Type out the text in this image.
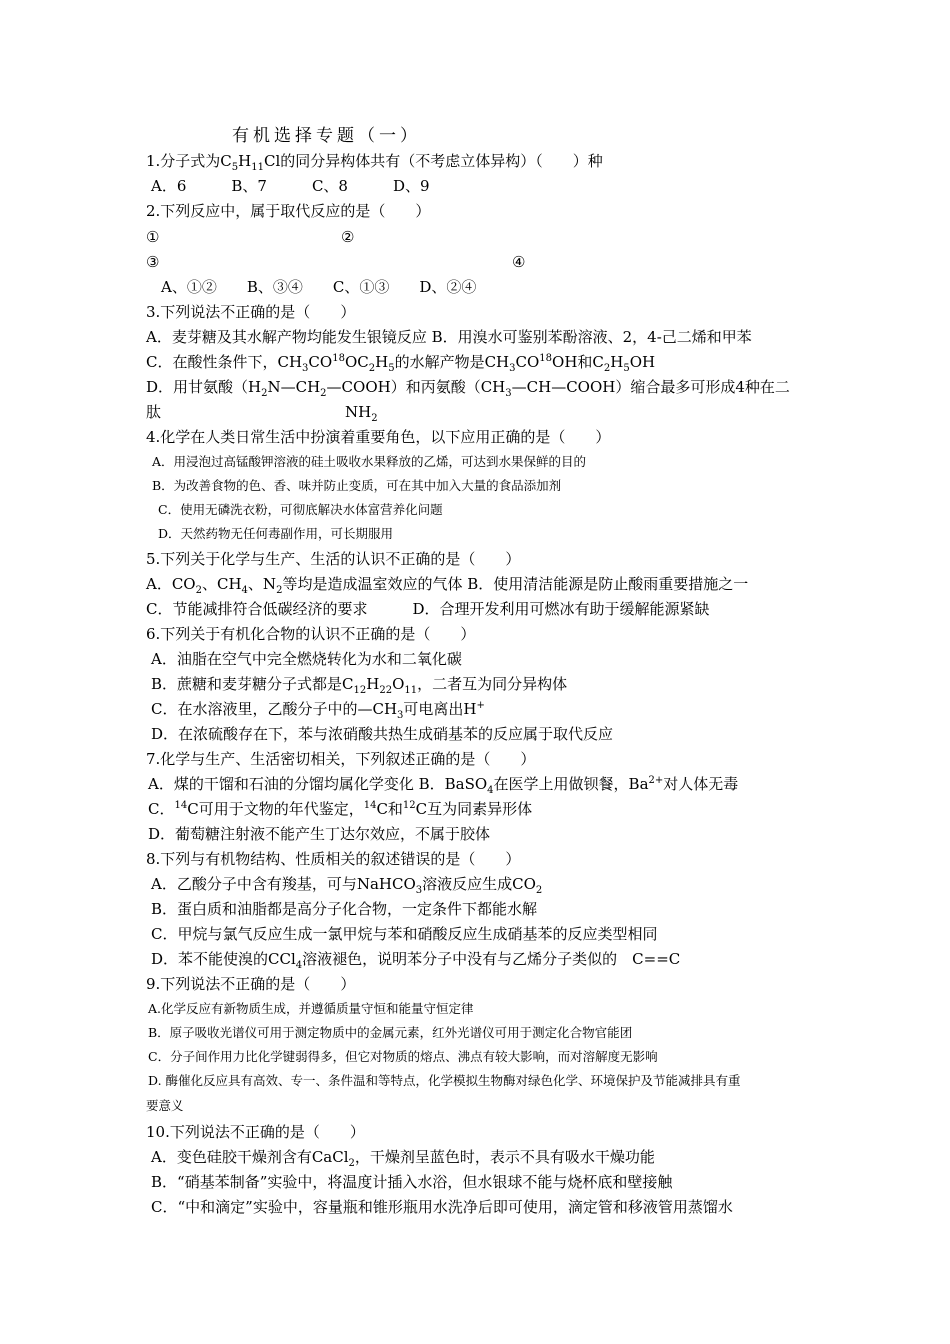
有机选择专题（一）
1.分子式为$C_5H_{11}Cl$的同分异构体共有（不考虑立体异构）（　　）种
A．6　　　B、7　　　C、8　　　D、9
2.下列反应中，属于取代反应的是（　　）
①	②
③	④
A、①②　　B、③④　　C、①③　　D、②④
3.下列说法不正确的是（　　）
A．麦芽糖及其水解产物均能发生银镜反应 B．用溴水可鉴别苯酚溶液、2，4-己二烯和甲苯
C．在酸性条件下，$CH_3CO^{18}OC_2H_5$的水解产物是$CH_3CO^{18}OH$和$C_2H_5OH$
D．用甘氨酸$(H_2N—CH_2—COOH)$和丙氨酸$(CH_3—CH—COOH)$缩合最多可形成4种在二
肽	$NH_2$
4.化学在人类日常生活中扮演着重要角色，以下应用正确的是（　　）
A．用浸泡过高锰酸钾溶液的硅土吸收水果释放的乙烯，可达到水果保鲜的目的
B．为改善食物的色、香、味并防止变质，可在其中加入大量的食品添加剂
C．使用无磷洗衣粉，可彻底解决水体富营养化问题
D．天然药物无任何毒副作用，可长期服用
5.下列关于化学与生产、生活的认识不正确的是（　　）
A．$CO_2$、$CH_4$、$N_2$等均是造成温室效应的气体 B．使用清洁能源是防止酸雨重要措施之一
C．节能减排符合低碳经济的要求　　　D．合理开发利用可燃冰有助于缓解能源紧缺
6.下列关于有机化合物的认识不正确的是（　　）
A．油脂在空气中完全燃烧转化为水和二氧化碳
B．蔗糖和麦芽糖分子式都是$C_{12}H_{22}O_{11}$，二者互为同分异构体
C．在水溶液里，乙酸分子中的$—CH_3$可电离出H+
D．在浓硫酸存在下，苯与浓硝酸共热生成硝基苯的反应属于取代反应
7.化学与生产、生活密切相关，下列叙述正确的是（　　）
A．煤的干馏和石油的分馏均属化学变化 B．BaSO$_4$在医学上用做钡餐，$Ba^{2+}$对人体无毒
C．$^{14}$C可用于文物的年代鉴定，$^{14}$C和$^{12}$C互为同素异形体
D．葡萄糖注射液不能产生丁达尔效应，不属于胶体
8.下列与有机物结构、性质相关的叙述错误的是（　　）
A．乙酸分子中含有羧基，可与NaHCO$_3$溶液反应生成$CO_2$
B．蛋白质和油脂都是高分子化合物，一定条件下都能水解
C．甲烷与氯气反应生成一氯甲烷与苯和硝酸反应生成硝基苯的反应类型相同
D．苯不能使溴的CCl$_4$溶液褪色，说明苯分子中没有与乙烯分子类似的　C==C
9.下列说法不正确的是（　　）
A.化学反应有新物质生成，并遵循质量守恒和能量守恒定律
B．原子吸收光谱仪可用于测定物质中的金属元素，红外光谱仪可用于测定化合物官能团
C．分子间作用力比化学键弱得多，但它对物质的熔点、沸点有较大影响，而对溶解度无影响
D. 酶催化反应具有高效、专一、条件温和等特点，化学模拟生物酶对绿色化学、环境保护及节能减排具有重
要意义
10.下列说法不正确的是（　　）
A．变色硅胶干燥剂含有CaCl$_2$，干燥剂呈蓝色时，表示不具有吸水干燥功能
B．“硝基苯制备”实验中，将温度计插入水浴，但水银球不能与烧杯底和壁接触
C．“中和滴定”实验中，容量瓶和锥形瓶用水洗净后即可使用，滴定管和移液管用蒸馏水
